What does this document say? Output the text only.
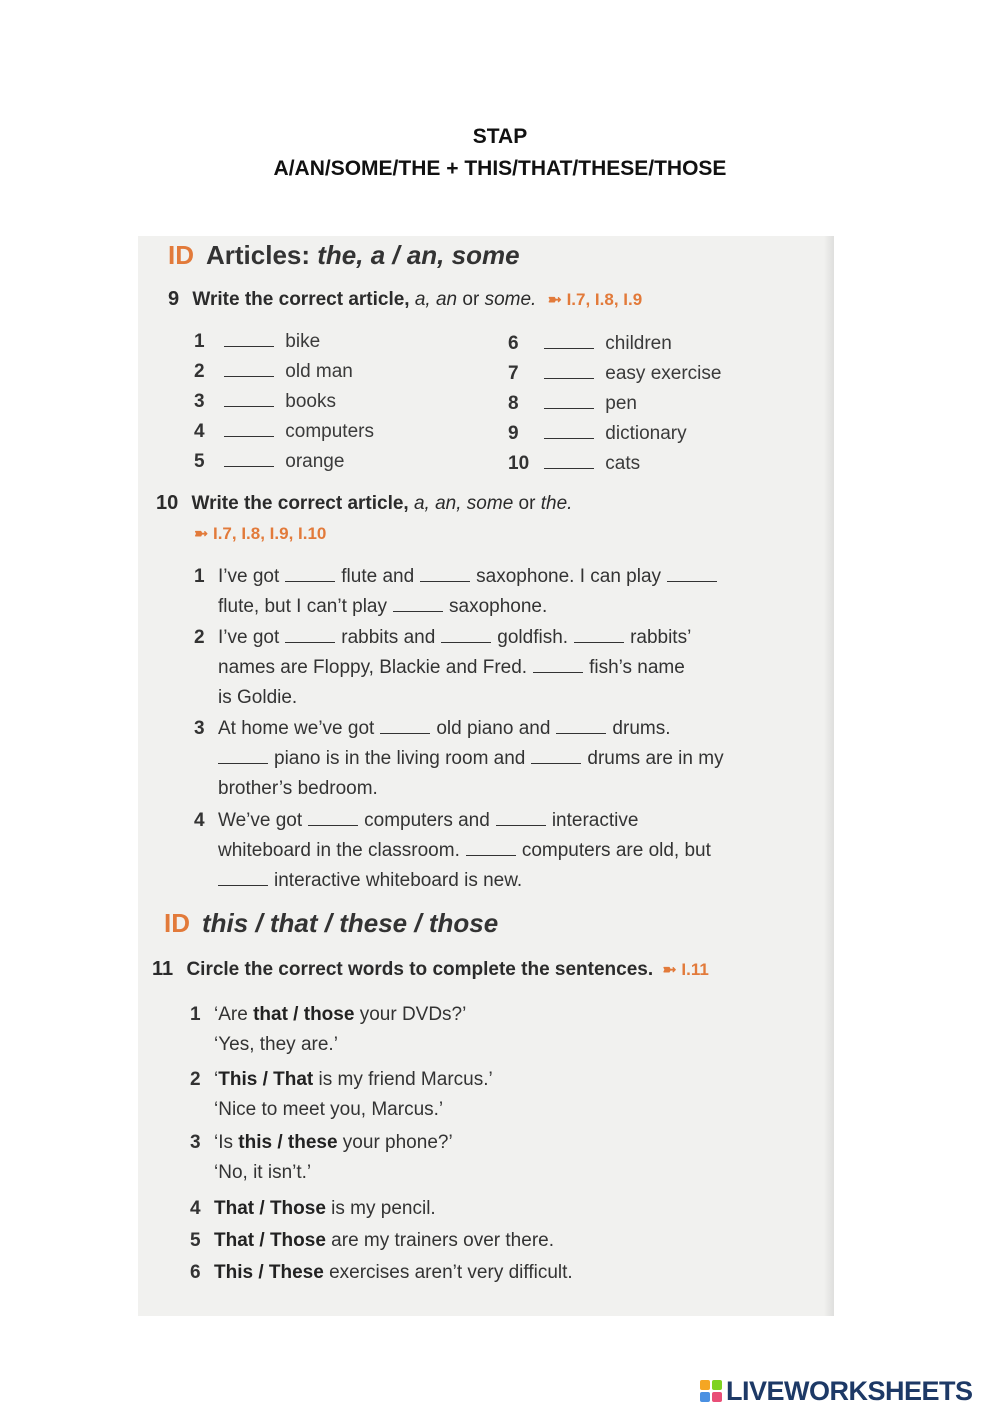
STAP
A/AN/SOME/THE + THIS/THAT/THESE/THOSE
ID Articles: the, a / an, some
9 Write the correct article, a, an or some. ➼ I.7, I.8, I.9
1	bike
2	old man
3	books
4	computers
5	orange
6	children
7	easy exercise
8	pen
9	dictionary
10	cats
10 Write the correct article, a, an, some or the.
➼ I.7, I.8, I.9, I.10
1 I’ve got	flute and	saxophone. I can play
flute, but I can’t play	saxophone.
2 I’ve got	rabbits and	goldfish.	rabbits’
names are Floppy, Blackie and Fred.	fish’s name
is Goldie.
3 At home we’ve got	old piano and	drums.
piano is in the living room and	drums are in my
brother’s bedroom.
4 We’ve got	computers and	interactive
whiteboard in the classroom.	computers are old, but
interactive whiteboard is new.
ID this / that / these / those
11 Circle the correct words to complete the sentences. ➼ I.11
1 ‘Are that / those your DVDs?’
‘Yes, they are.’
2 ‘This / That is my friend Marcus.’
‘Nice to meet you, Marcus.’
3 ‘Is this / these your phone?’
‘No, it isn’t.’
4 That / Those is my pencil.
5 That / Those are my trainers over there.
6 This / These exercises aren’t very difficult.
LIVEWORKSHEETS
